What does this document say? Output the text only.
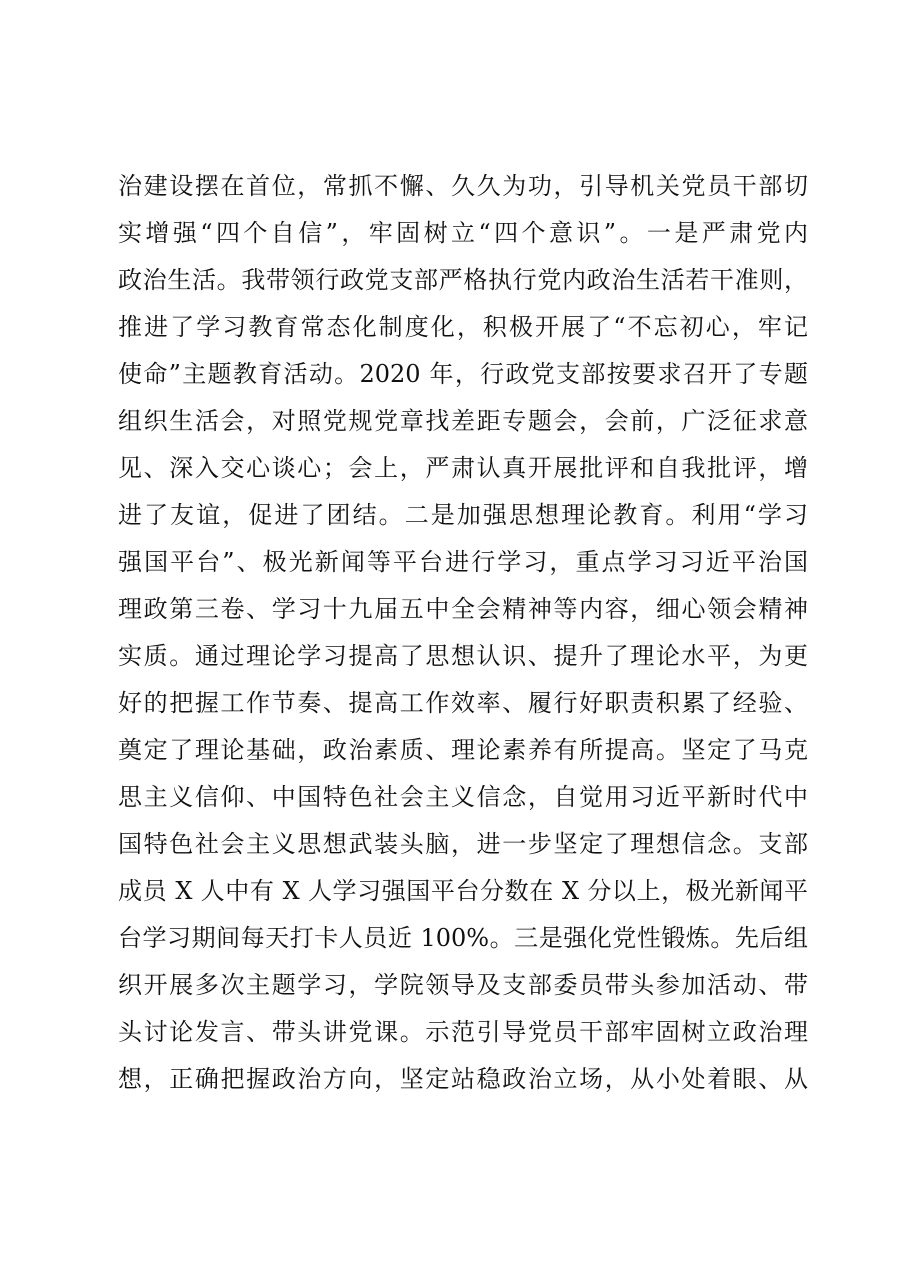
治建设摆在首位，常抓不懈、久久为功，引导机关党员干部切
实增强“四个自信”，牢固树立“四个意识”。一是严肃党内
政治生活。我带领行政党支部严格执行党内政治生活若干准则，
推进了学习教育常态化制度化，积极开展了“不忘初心，牢记
使命”主题教育活动。2020 年，行政党支部按要求召开了专题
组织生活会，对照党规党章找差距专题会，会前，广泛征求意
见、深入交心谈心；会上，严肃认真开展批评和自我批评，增
进了友谊，促进了团结。二是加强思想理论教育。利用“学习
强国平台”、极光新闻等平台进行学习，重点学习习近平治国
理政第三卷、学习十九届五中全会精神等内容，细心领会精神
实质。通过理论学习提高了思想认识、提升了理论水平，为更
好的把握工作节奏、提高工作效率、履行好职责积累了经验、
奠定了理论基础，政治素质、理论素养有所提高。坚定了马克
思主义信仰、中国特色社会主义信念，自觉用习近平新时代中
国特色社会主义思想武装头脑，进一步坚定了理想信念。支部
成员 X 人中有 X 人学习强国平台分数在 X 分以上，极光新闻平
台学习期间每天打卡人员近 100%。三是强化党性锻炼。先后组
织开展多次主题学习，学院领导及支部委员带头参加活动、带
头讨论发言、带头讲党课。示范引导党员干部牢固树立政治理
想，正确把握政治方向，坚定站稳政治立场，从小处着眼、从
